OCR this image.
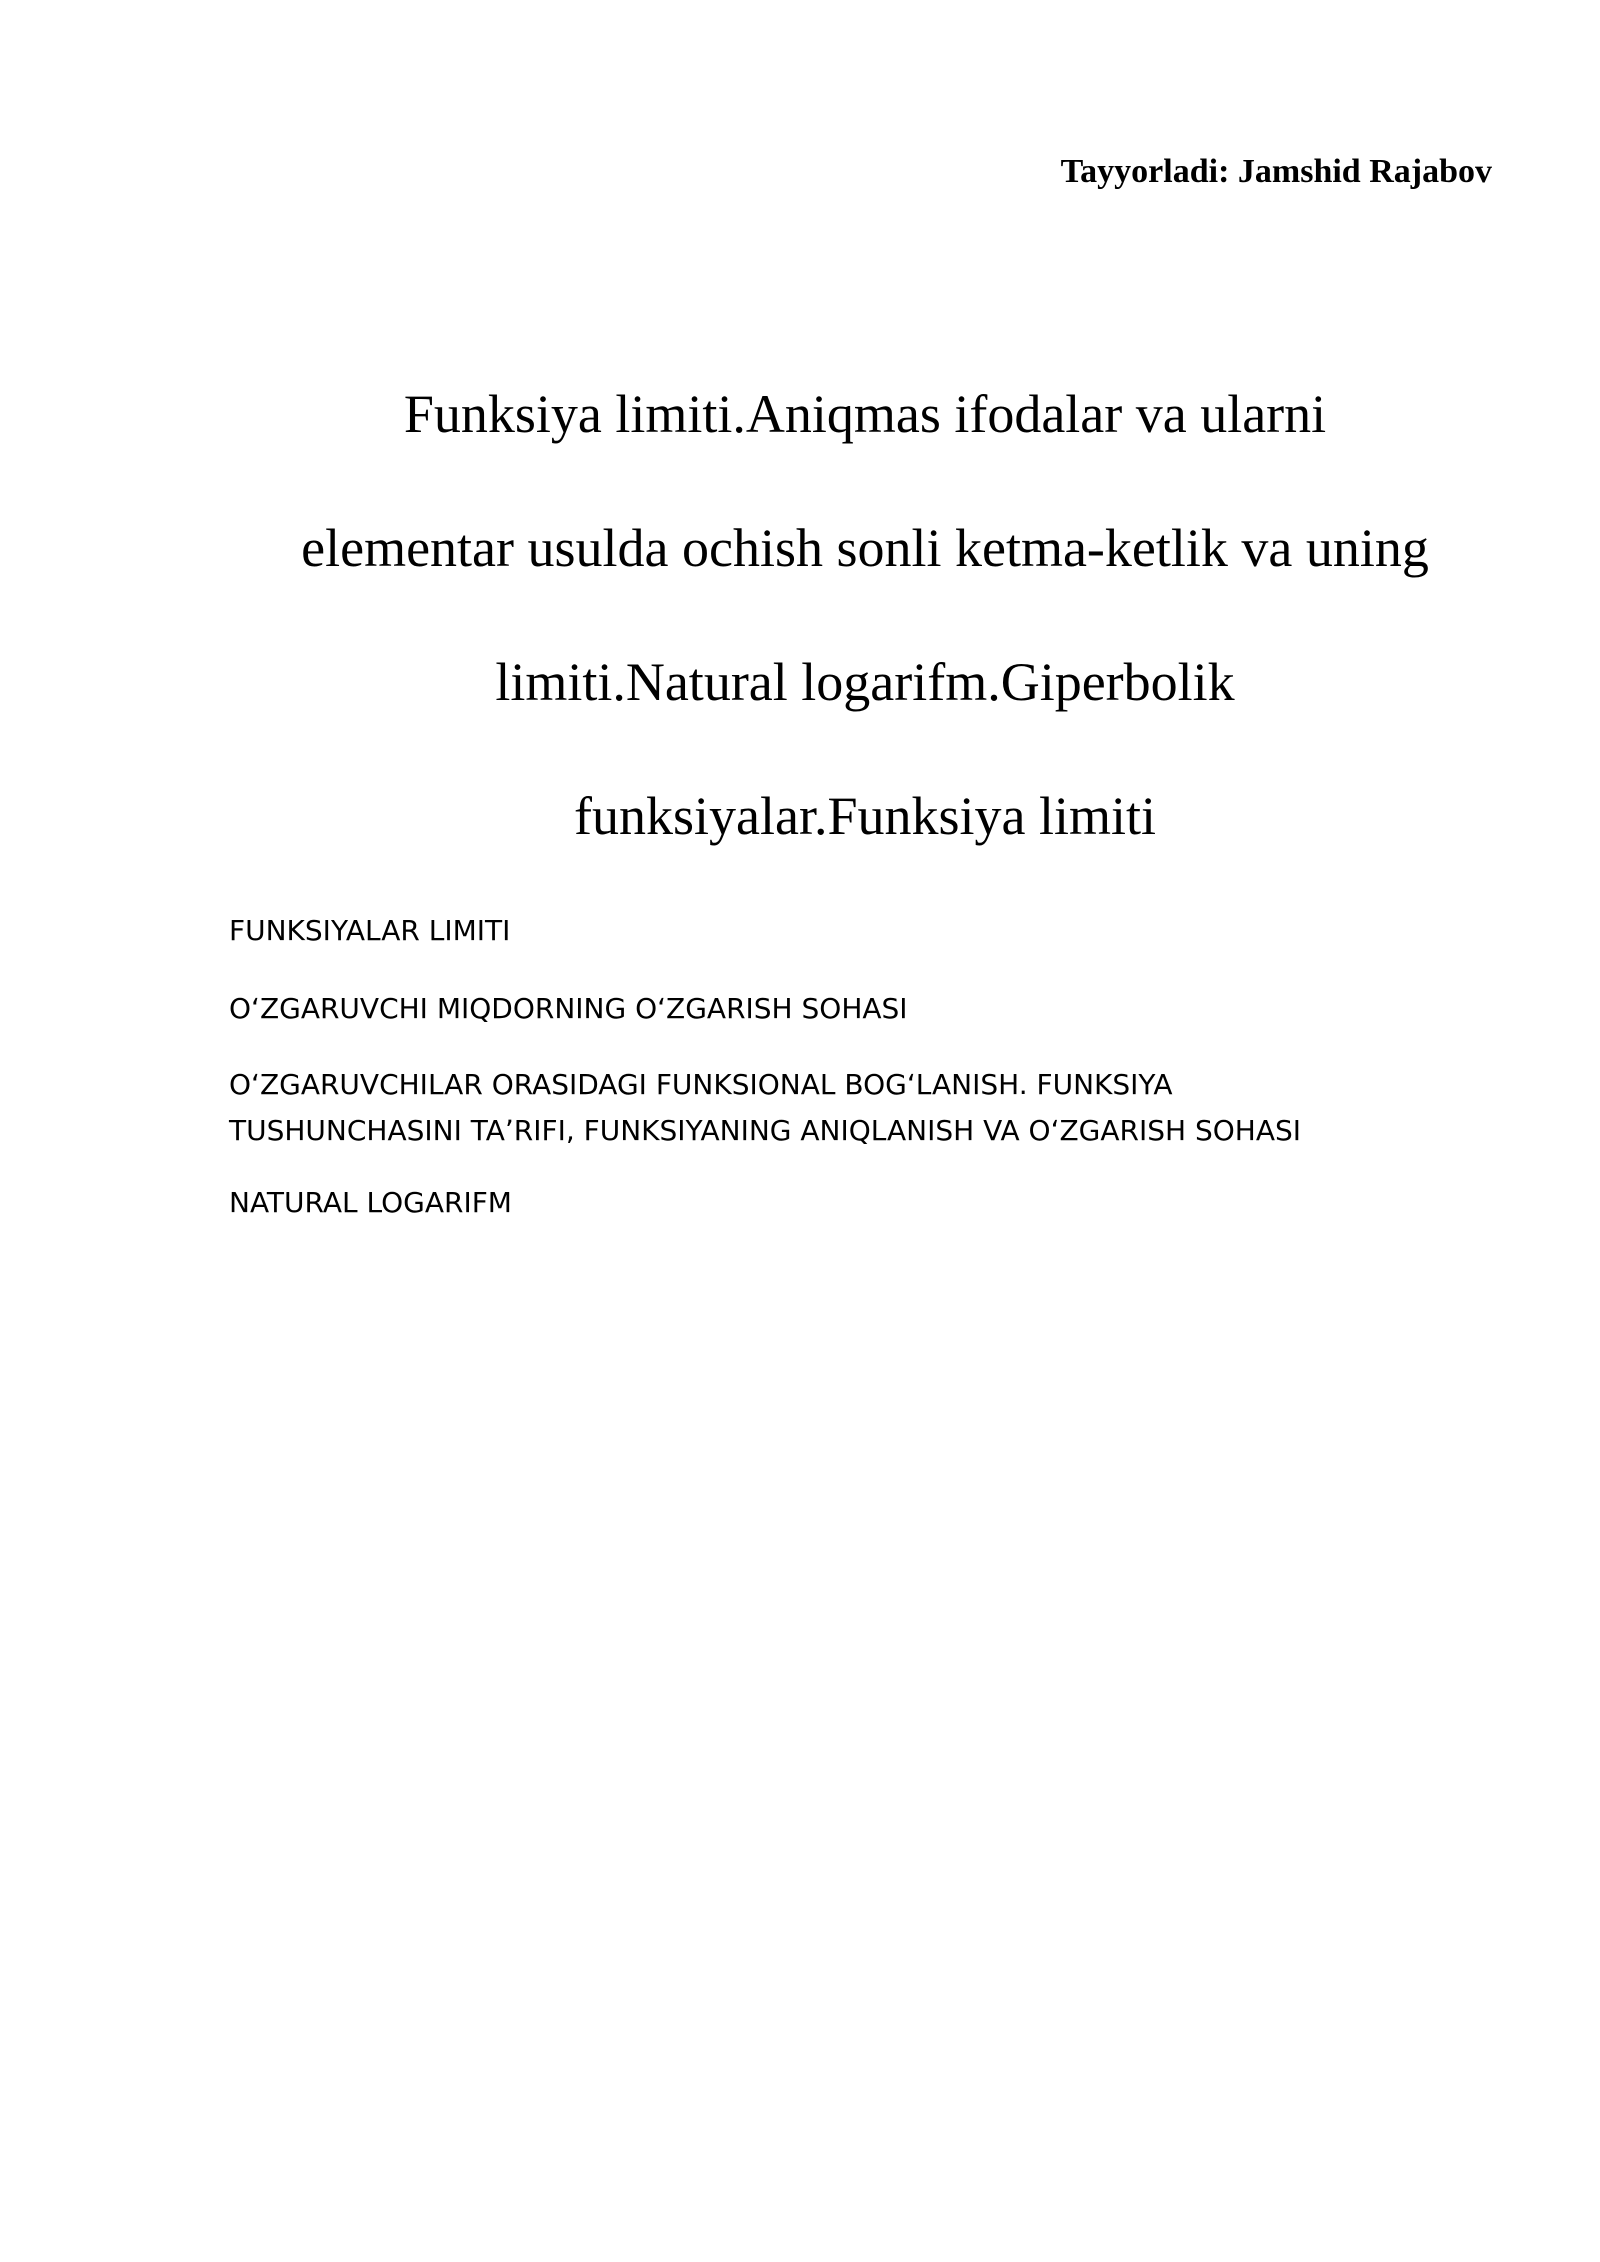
Tayyorladi: Jamshid Rajabov

Funksiya limiti.Aniqmas ifodalar va ularni

elementar usulda ochish sonli ketma-ketlik va uning

limiti.Natural logarifm.Giperbolik

funksiyalar.Funksiya limiti

FUNKSIYALAR LIMITI
OʻZGARUVCHI MIQDORNING OʻZGARISH SOHASI
OʻZGARUVCHILAR ORASIDAGI FUNKSIONAL BOGʻLANISH. FUNKSIYA
TUSHUNCHASINI TAʼRIFI, FUNKSIYANING ANIQLANISH VA OʻZGARISH SOHASI
NATURAL LOGARIFM
